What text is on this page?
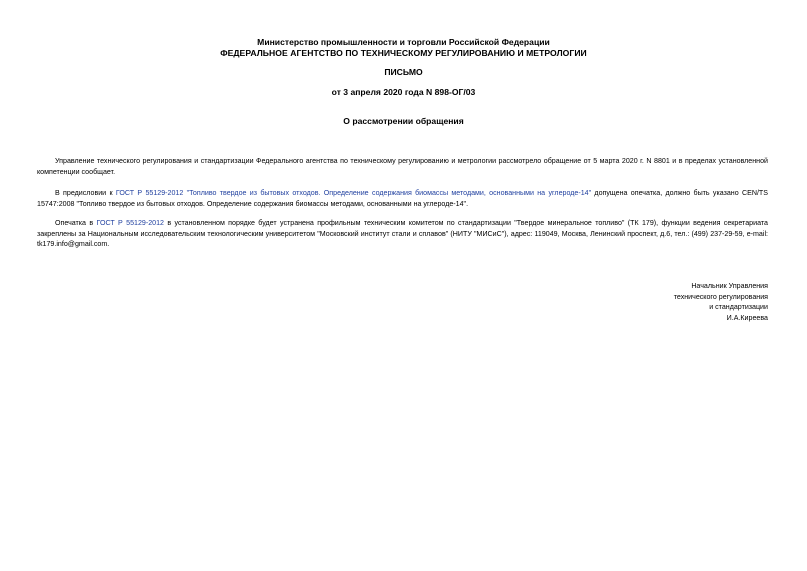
Министерство промышленности и торговли Российской Федерации
ФЕДЕРАЛЬНОЕ АГЕНТСТВО ПО ТЕХНИЧЕСКОМУ РЕГУЛИРОВАНИЮ И МЕТРОЛОГИИ
ПИСЬМО
от 3 апреля 2020 года N 898-ОГ/03
О рассмотрении обращения

Управление технического регулирования и стандартизации Федерального агентства по техническому регулированию и метрологии рассмотрело обращение от 5 марта 2020 г. N 8801 и в пределах установленной компетенции сообщает.

В предисловии к ГОСТ Р 55129-2012 "Топливо твердое из бытовых отходов. Определение содержания биомассы методами, основанными на углероде-14" допущена опечатка, должно быть указано CEN/TS 15747:2008 "Топливо твердое из бытовых отходов. Определение содержания биомассы методами, основанными на углероде-14".

Опечатка в ГОСТ Р 55129-2012 в установленном порядке будет устранена профильным техническим комитетом по стандартизации "Твердое минеральное топливо" (ТК 179), функции ведения секретариата закреплены за Национальным исследовательским технологическим университетом "Московский институт стали и сплавов" (НИТУ "МИСиС"), адрес: 119049, Москва, Ленинский проспект, д.6, тел.: (499) 237-29-59, e-mail: tk179.info@gmail.com.

Начальник Управления
технического регулирования
и стандартизации
И.А.Киреева
